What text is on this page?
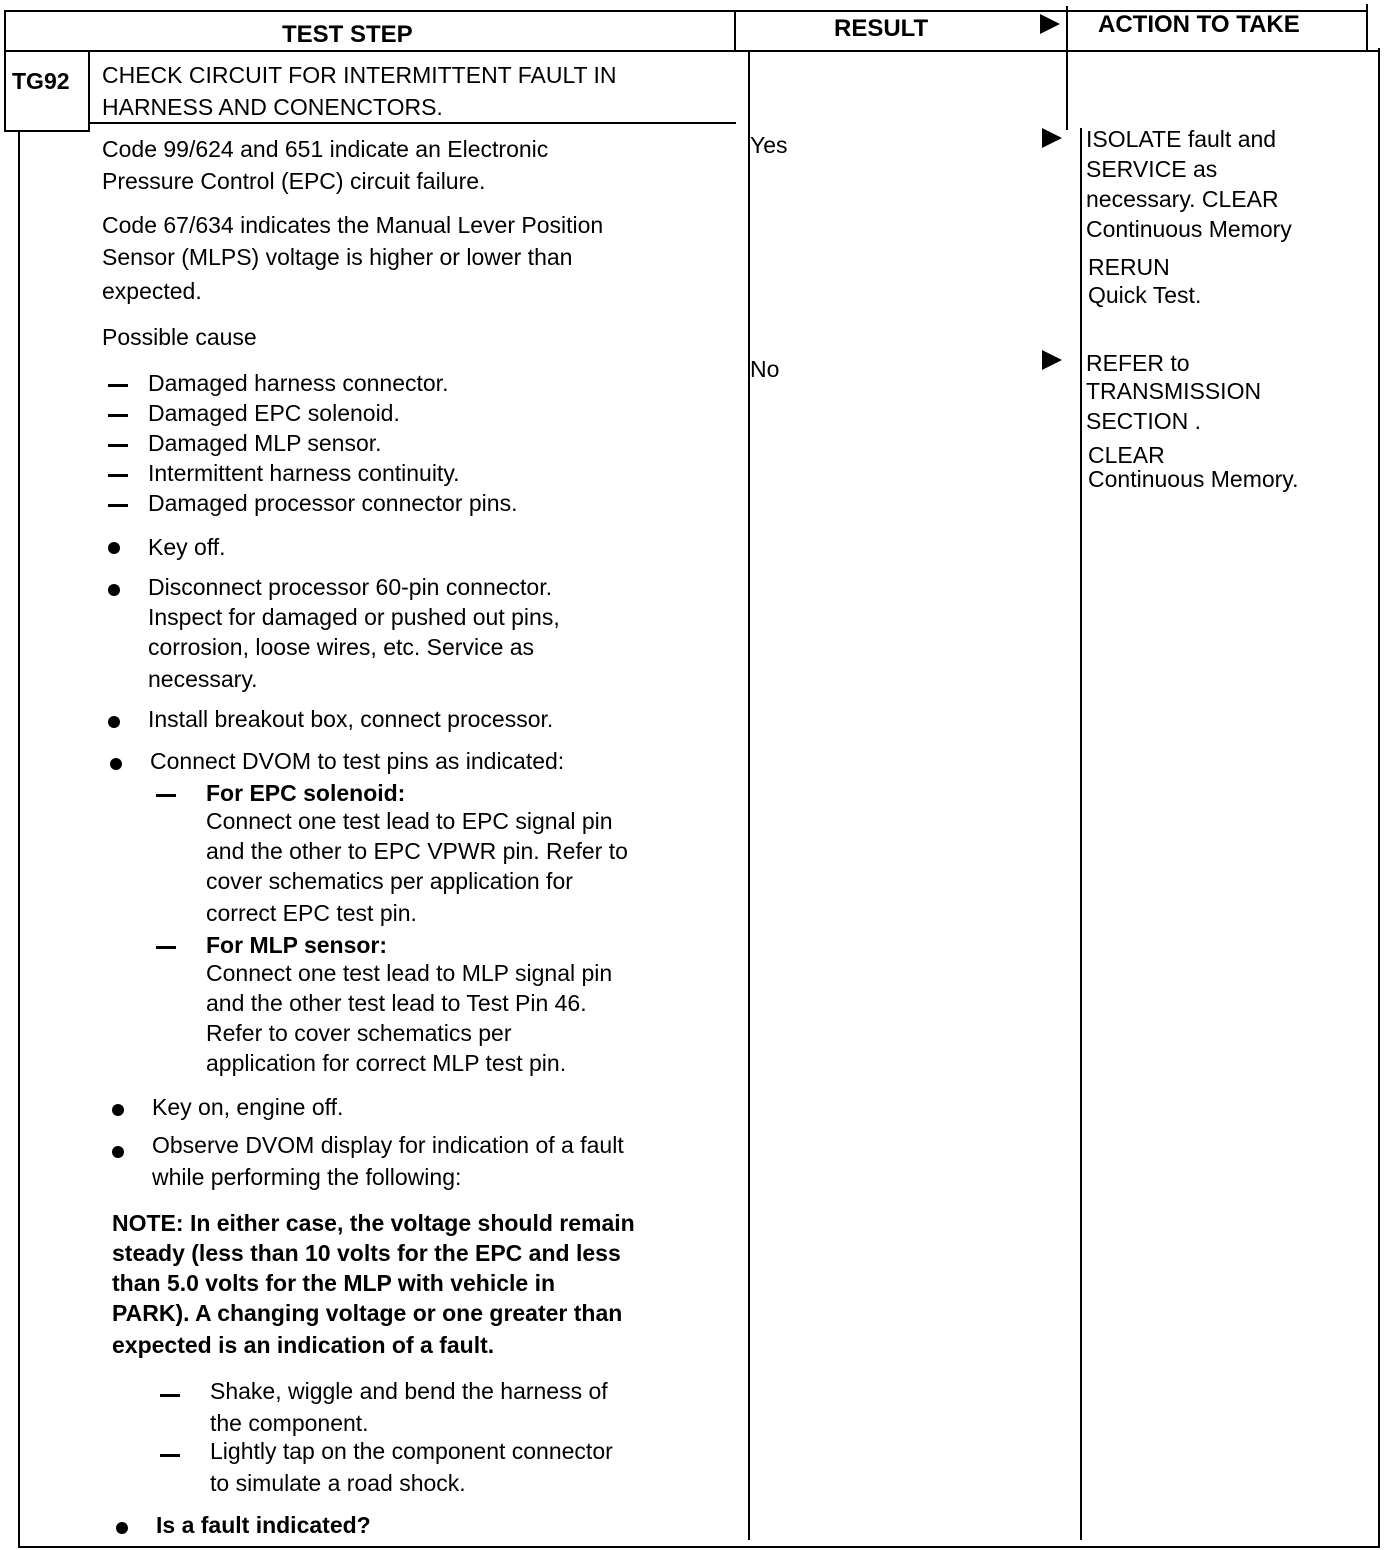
TEST STEP	RESULT	ACTION TO TAKE
TG92 CHECK CIRCUIT FOR INTERMITTENT FAULT IN
HARNESS AND CONENCTORS.
Code 99/624 and 651 indicate an Electronic
Pressure Control (EPC) circuit failure.
Code 67/634 indicates the Manual Lever Position
Sensor (MLPS) voltage is higher or lower than
expected.
Possible cause
Damaged harness connector.
Damaged EPC solenoid.
Damaged MLP sensor.
Intermittent harness continuity.
Damaged processor connector pins.
Key off.
Disconnect processor 60-pin connector.
Inspect for damaged or pushed out pins,
corrosion, loose wires, etc. Service as
necessary.
Install breakout box, connect processor.
Connect DVOM to test pins as indicated:
For EPC solenoid:
Connect one test lead to EPC signal pin
and the other to EPC VPWR pin. Refer to
cover schematics per application for
correct EPC test pin.
For MLP sensor:
Connect one test lead to MLP signal pin
and the other test lead to Test Pin 46.
Refer to cover schematics per
application for correct MLP test pin.
Key on, engine off.
Observe DVOM display for indication of a fault
while performing the following:
NOTE: In either case, the voltage should remain
steady (less than 10 volts for the EPC and less
than 5.0 volts for the MLP with vehicle in
PARK). A changing voltage or one greater than
expected is an indication of a fault.
Shake, wiggle and bend the harness of
the component.
Lightly tap on the component connector
to simulate a road shock.
Is a fault indicated?
Yes
No
ISOLATE fault and
SERVICE as
necessary. CLEAR
Continuous Memory
RERUN
Quick Test.
REFER to
TRANSMISSION
SECTION .
CLEAR
Continuous Memory.
